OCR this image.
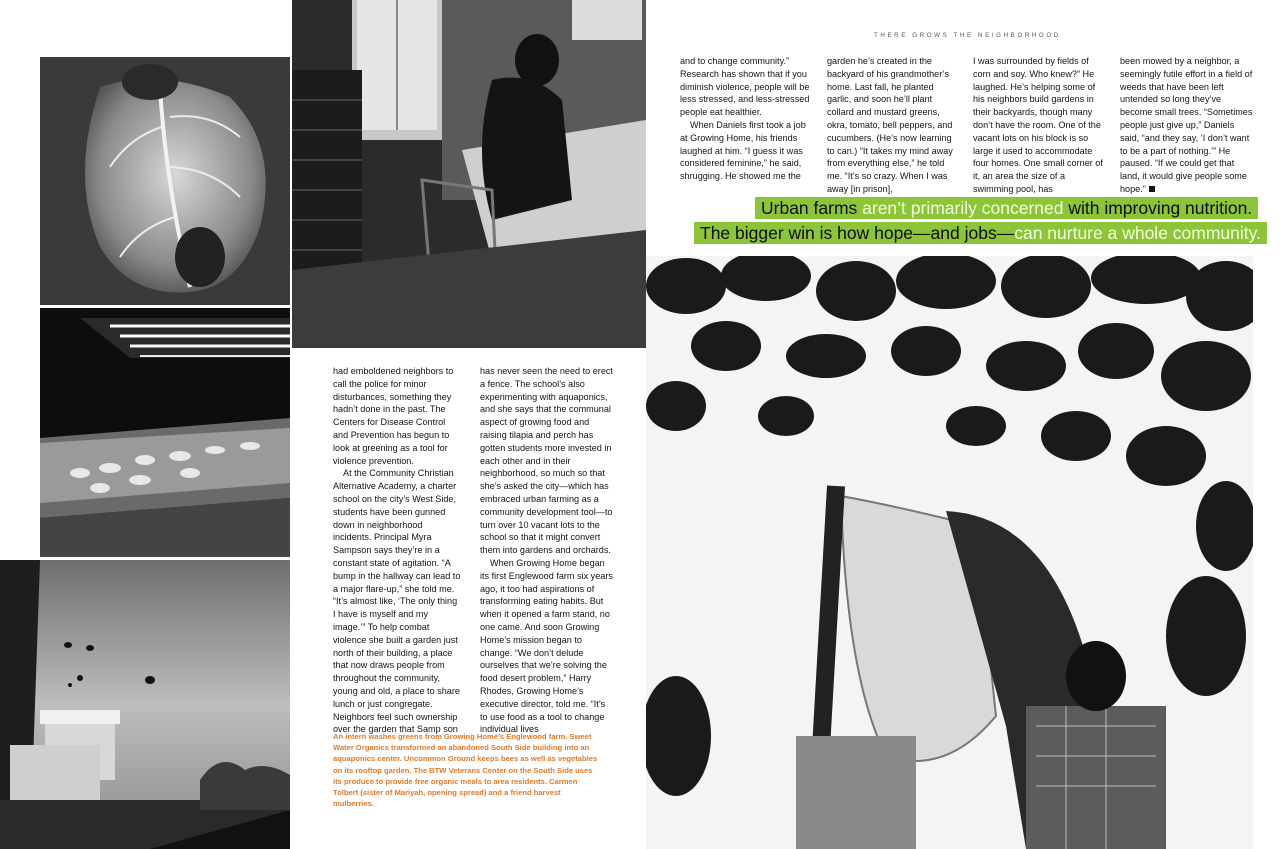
THERE GROWS THE NEIGHBORHOOD

had emboldened neighbors to call the police for minor disturbances, something they hadn’t done in the past. The Centers for Disease Control and Prevention has begun to look at greening as a tool for violence prevention.

At the Community Christian Alternative Academy, a charter school on the city’s West Side, students have been gunned down in neighborhood incidents. Principal Myra Sampson says they’re in a constant state of agitation. “A bump in the hallway can lead to a major flare-up,” she told me. “It’s almost like, ‘The only thing I have is myself and my image.’” To help combat violence she built a garden just north of their building, a place that now draws people from throughout the community, young and old, a place to share lunch or just congregate. Neighbors feel such ownership over the garden that Samp son

has never seen the need to erect a fence. The school’s also experimenting with aquaponics, and she says that the communal aspect of growing food and raising tilapia and perch has gotten students more invested in each other and in their neighborhood, so much so that she’s asked the city—which has embraced urban farming as a community development tool—to turn over 10 vacant lots to the school so that it might convert them into gardens and orchards.

When Growing Home began its first Englewood farm six years ago, it too had aspirations of transforming eating habits. But when it opened a farm stand, no one came. And soon Growing Home’s mission began to change. “We don’t delude ourselves that we’re solving the food desert problem,” Harry Rhodes, Growing Home’s executive director, told me. “It’s to use food as a tool to change individual lives

and to change community.” Research has shown that if you diminish violence, people will be less stressed, and less-stressed people eat healthier.

When Daniels first took a job at Growing Home, his friends laughed at him. “I guess it was considered feminine,” he said, shrugging. He showed me the

garden he’s created in the backyard of his grandmother’s home. Last fall, he planted garlic, and soon he’ll plant collard and mustard greens, okra, tomato, bell peppers, and cucumbers. (He’s now learning to can.) “It takes my mind away from everything else,” he told me. “It’s so crazy. When I was away [in prison],

I was surrounded by fields of corn and soy. Who knew?” He laughed. He’s helping some of his neighbors build gardens in their backyards, though many don’t have the room. One of the vacant lots on his block is so large it used to accommodate four homes. One small corner of it, an area the size of a swimming pool, has

been mowed by a neighbor, a seemingly futile effort in a field of weeds that have been left untended so long they’ve become small trees. “Sometimes people just give up,” Daniels said, “and they say, ‘I don’t want to be a part of nothing.’” He paused. “If we could get that land, it would give people some hope.”

Urban farms aren’t primarily concerned with improving nutrition.
The bigger win is how hope—and jobs—can nurture a whole community.

An intern washes greens from Growing Home’s Englewood farm. Sweet Water Organics transformed an abandoned South Side building into an aquaponics center. Uncommon Ground keeps bees as well as vegetables on its rooftop garden. The BTW Veterans Center on the South Side uses its produce to provide free organic meals to area residents. Carmen Tolbert (sister of Mariyah, opening spread) and a friend harvest mulberries.
